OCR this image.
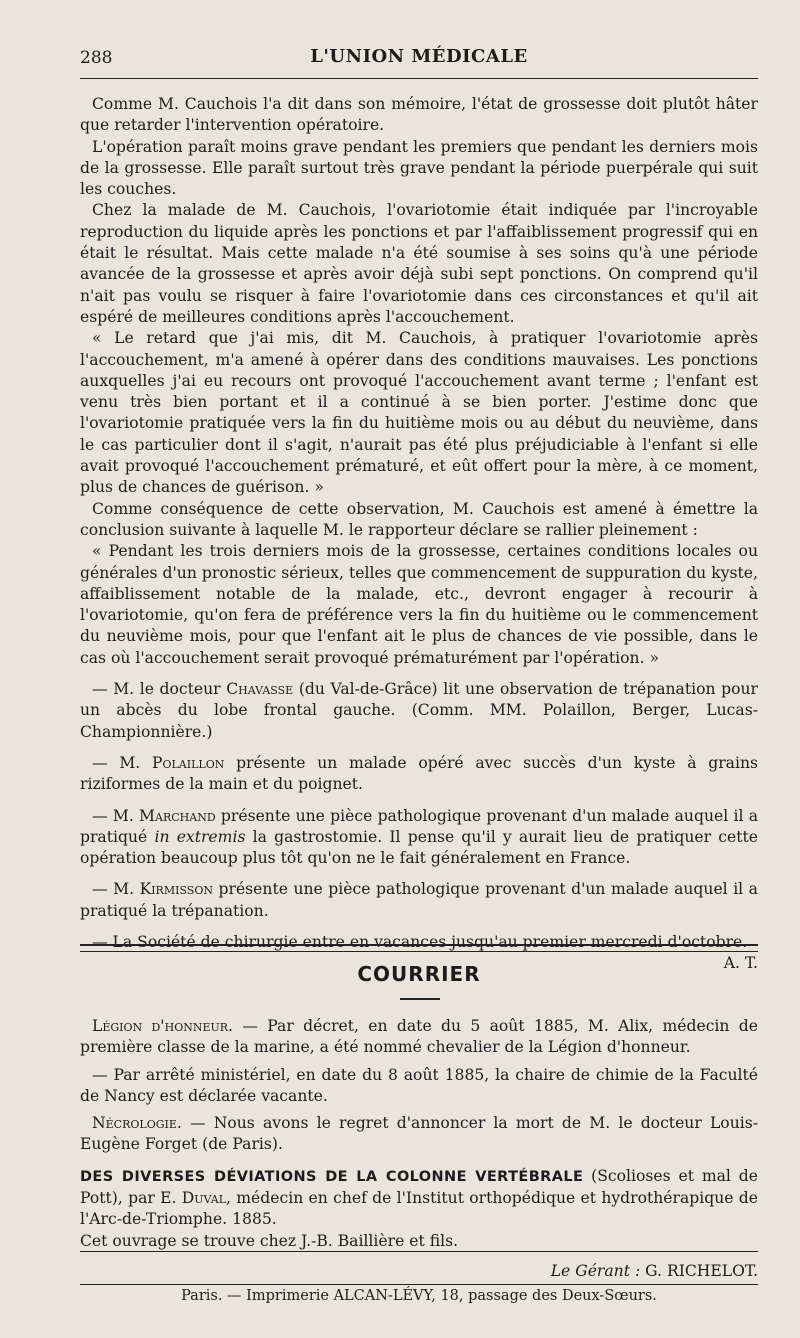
288	L'UNION MÉDICALE

Comme M. Cauchois l'a dit dans son mémoire, l'état de grossesse doit plutôt hâter que retarder l'intervention opératoire.

L'opération paraît moins grave pendant les premiers que pendant les derniers mois de la grossesse. Elle paraît surtout très grave pendant la période puerpérale qui suit les couches.

Chez la malade de M. Cauchois, l'ovariotomie était indiquée par l'incroyable reproduction du liquide après les ponctions et par l'affaiblissement progressif qui en était le résultat. Mais cette malade n'a été soumise à ses soins qu'à une période avancée de la grossesse et après avoir déjà subi sept ponctions. On comprend qu'il n'ait pas voulu se risquer à faire l'ovariotomie dans ces circonstances et qu'il ait espéré de meilleures conditions après l'accouchement.

« Le retard que j'ai mis, dit M. Cauchois, à pratiquer l'ovariotomie après l'accouchement, m'a amené à opérer dans des conditions mauvaises. Les ponctions auxquelles j'ai eu recours ont provoqué l'accouchement avant terme ; l'enfant est venu très bien portant et il a continué à se bien porter. J'estime donc que l'ovariotomie pratiquée vers la fin du huitième mois ou au début du neuvième, dans le cas particulier dont il s'agit, n'aurait pas été plus préjudiciable à l'enfant si elle avait provoqué l'accouchement prématuré, et eût offert pour la mère, à ce moment, plus de chances de guérison. »

Comme conséquence de cette observation, M. Cauchois est amené à émettre la conclusion suivante à laquelle M. le rapporteur déclare se rallier pleinement :

« Pendant les trois derniers mois de la grossesse, certaines conditions locales ou générales d'un pronostic sérieux, telles que commencement de suppuration du kyste, affaiblissement notable de la malade, etc., devront engager à recourir à l'ovariotomie, qu'on fera de préférence vers la fin du huitième ou le commencement du neuvième mois, pour que l'enfant ait le plus de chances de vie possible, dans le cas où l'accouchement serait provoqué prématurément par l'opération. »

— M. le docteur Chavasse (du Val-de-Grâce) lit une observation de trépanation pour un abcès du lobe frontal gauche. (Comm. MM. Polaillon, Berger, Lucas-Championnière.)

— M. Polaillon présente un malade opéré avec succès d'un kyste à grains riziformes de la main et du poignet.

— M. Marchand présente une pièce pathologique provenant d'un malade auquel il a pratiqué in extremis la gastrostomie. Il pense qu'il y aurait lieu de pratiquer cette opération beaucoup plus tôt qu'on ne le fait généralement en France.

— M. Kirmisson présente une pièce pathologique provenant d'un malade auquel il a pratiqué la trépanation.

— La Société de chirurgie entre en vacances jusqu'au premier mercredi d'octobre.

A. T.

COURRIER

Légion d'honneur. — Par décret, en date du 5 août 1885, M. Alix, médecin de première classe de la marine, a été nommé chevalier de la Légion d'honneur.

— Par arrêté ministériel, en date du 8 août 1885, la chaire de chimie de la Faculté de Nancy est déclarée vacante.

Nécrologie. — Nous avons le regret d'annoncer la mort de M. le docteur Louis-Eugène Forget (de Paris).

DES DIVERSES DÉVIATIONS DE LA COLONNE VERTÉBRALE (Scolioses et mal de Pott), par E. Duval, médecin en chef de l'Institut orthopédique et hydrothérapique de l'Arc-de-Triomphe. 1885.

Cet ouvrage se trouve chez J.-B. Baillière et fils.

Le Gérant : G. RICHELOT.
Paris. — Imprimerie ALCAN-LÉVY, 18, passage des Deux-Sœurs.
